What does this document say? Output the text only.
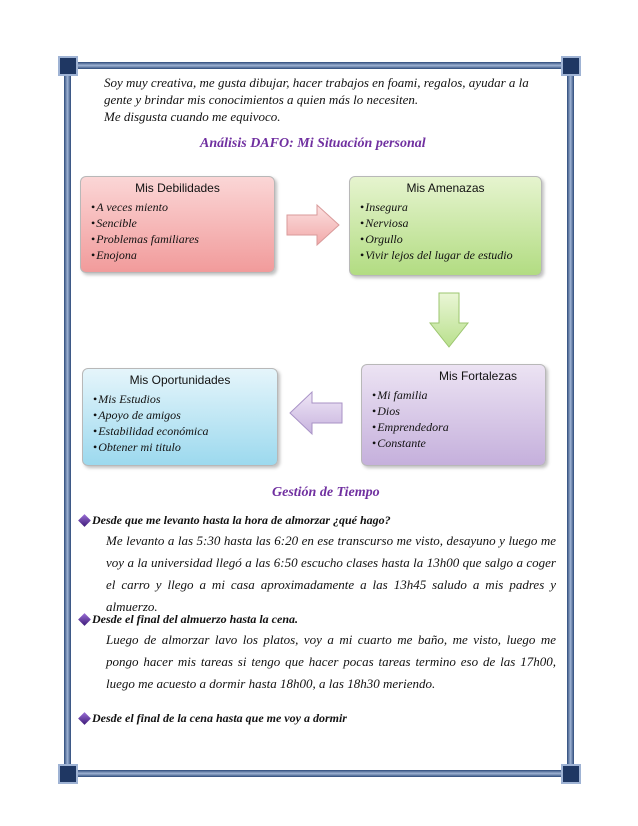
Soy muy creativa, me gusta dibujar, hacer trabajos en foami, regalos, ayudar a la gente y brindar mis conocimientos a quien más lo necesiten.

Me disgusta cuando me equivoco.

Análisis DAFO: Mi Situación personal

Mis Debilidades

• A veces miento
• Sencible
• Problemas familiares
• Enojona

Mis Amenazas

• Insegura
• Nerviosa
• Orgullo
• Vivir lejos del lugar de estudio

Mis Fortalezas

• Mi familia
• Dios
• Emprendedora
• Constante

Mis Oportunidades

• Mis Estudios
• Apoyo de amigos
• Estabilidad económica
• Obtener mi titulo
Gestión de Tiempo

Desde que me levanto hasta la hora de almorzar ¿qué hago?

Me levanto a las 5:30 hasta las 6:20 en ese transcurso me visto, desayuno y luego me voy a la universidad llegó a las 6:50 escucho clases hasta la 13h00 que salgo a coger el carro y llego a mi casa aproximadamente a las 13h45 saludo a mis padres y almuerzo.

Desde el final del almuerzo hasta la cena.

Luego de almorzar lavo los platos, voy a mi cuarto me baño, me visto, luego me pongo hacer mis tareas si tengo que hacer pocas tareas termino eso de las 17h00, luego me acuesto a dormir hasta 18h00, a las 18h30 meriendo.

Desde el final de la cena hasta que me voy a dormir
